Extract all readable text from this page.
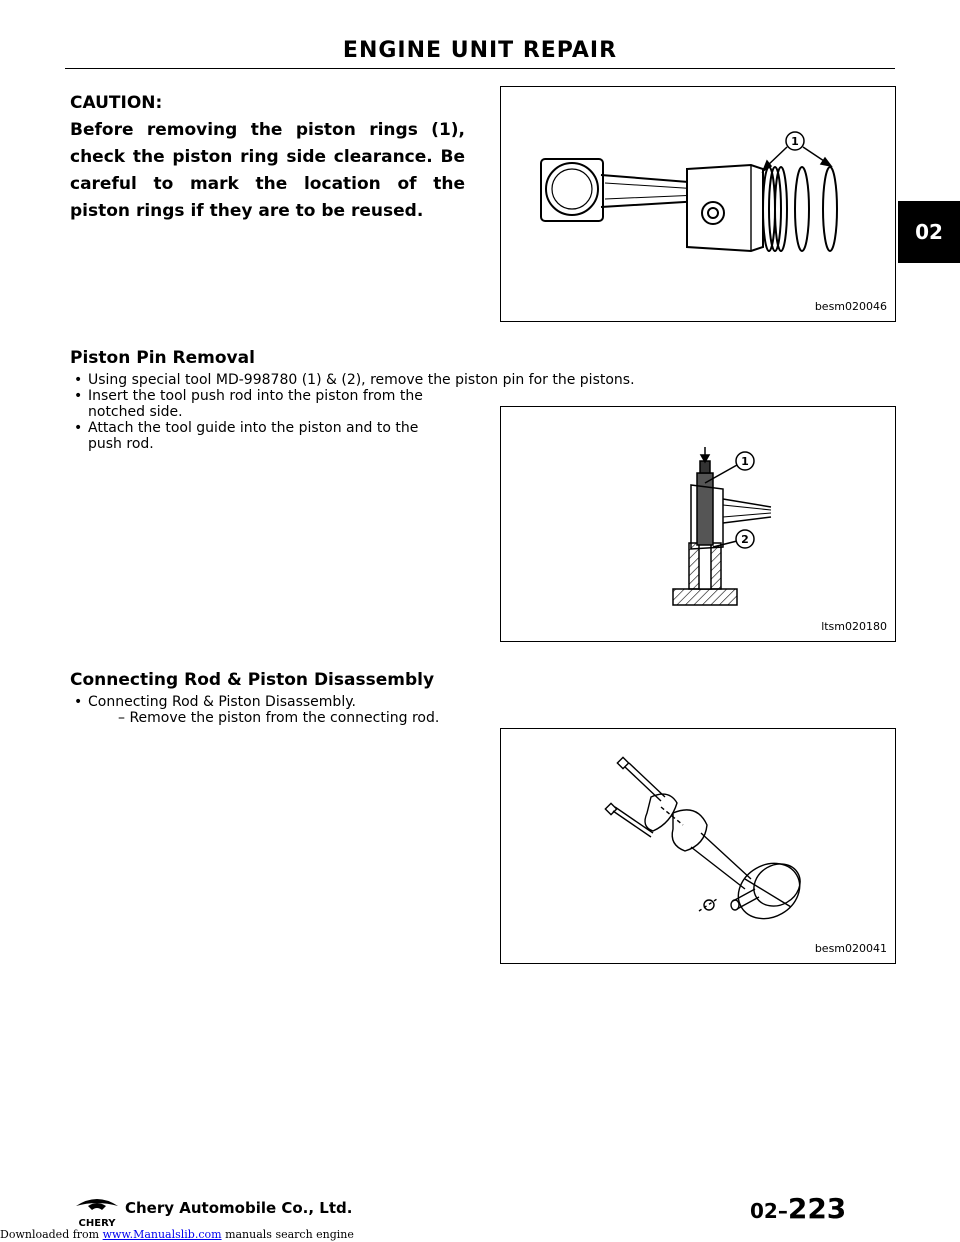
ENGINE UNIT REPAIR

CAUTION:

Before removing the piston rings (1), check the piston ring side clearance. Be careful to mark the location of the piston rings if they are to be reused.

1
besm020046
Piston Pin Removal
• Using special tool MD-998780 (1) & (2), remove the piston pin for the pistons.
• Insert the tool push rod into the piston from the notched side.
• Attach the tool guide into the piston and to the push rod.
1
2
ltsm020180
Connecting Rod & Piston Disassembly
• Connecting Rod & Piston Disassembly.
– Remove the piston from the connecting rod.
besm020041
02
CHERY
Chery Automobile Co., Ltd.	02–223
Downloaded from www.Manualslib.com manuals search engine
